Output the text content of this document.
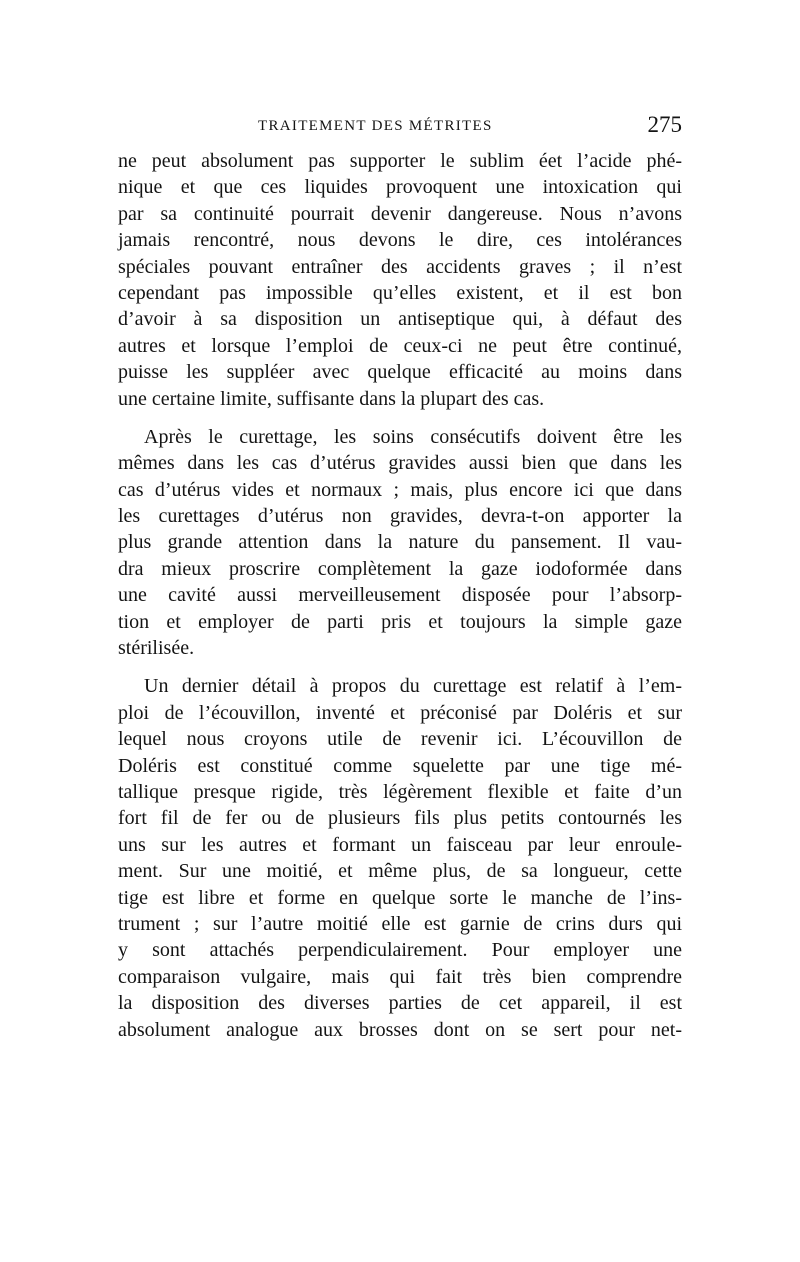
TRAITEMENT DES MÉTRITES	275
ne peut absolument pas supporter le sublim éet l’acide phé-
nique et que ces liquides provoquent une intoxication qui
par sa continuité pourrait devenir dangereuse. Nous n’avons
jamais rencontré, nous devons le dire, ces intolérances
spéciales pouvant entraîner des accidents graves ; il n’est
cependant pas impossible qu’elles existent, et il est bon
d’avoir à sa disposition un antiseptique qui, à défaut des
autres et lorsque l’emploi de ceux-ci ne peut être continué,
puisse les suppléer avec quelque efficacité au moins dans
une certaine limite, suffisante dans la plupart des cas.
Après le curettage, les soins consécutifs doivent être les
mêmes dans les cas d’utérus gravides aussi bien que dans les
cas d’utérus vides et normaux ; mais, plus encore ici que dans
les curettages d’utérus non gravides, devra-t-on apporter la
plus grande attention dans la nature du pansement. Il vau-
dra mieux proscrire complètement la gaze iodoformée dans
une cavité aussi merveilleusement disposée pour l’absorp-
tion et employer de parti pris et toujours la simple gaze
stérilisée.
Un dernier détail à propos du curettage est relatif à l’em-
ploi de l’écouvillon, inventé et préconisé par Doléris et sur
lequel nous croyons utile de revenir ici. L’écouvillon de
Doléris est constitué comme squelette par une tige mé-
tallique presque rigide, très légèrement flexible et faite d’un
fort fil de fer ou de plusieurs fils plus petits contournés les
uns sur les autres et formant un faisceau par leur enroule-
ment. Sur une moitié, et même plus, de sa longueur, cette
tige est libre et forme en quelque sorte le manche de l’ins-
trument ; sur l’autre moitié elle est garnie de crins durs qui
y sont attachés perpendiculairement. Pour employer une
comparaison vulgaire, mais qui fait très bien comprendre
la disposition des diverses parties de cet appareil, il est
absolument analogue aux brosses dont on se sert pour net-
